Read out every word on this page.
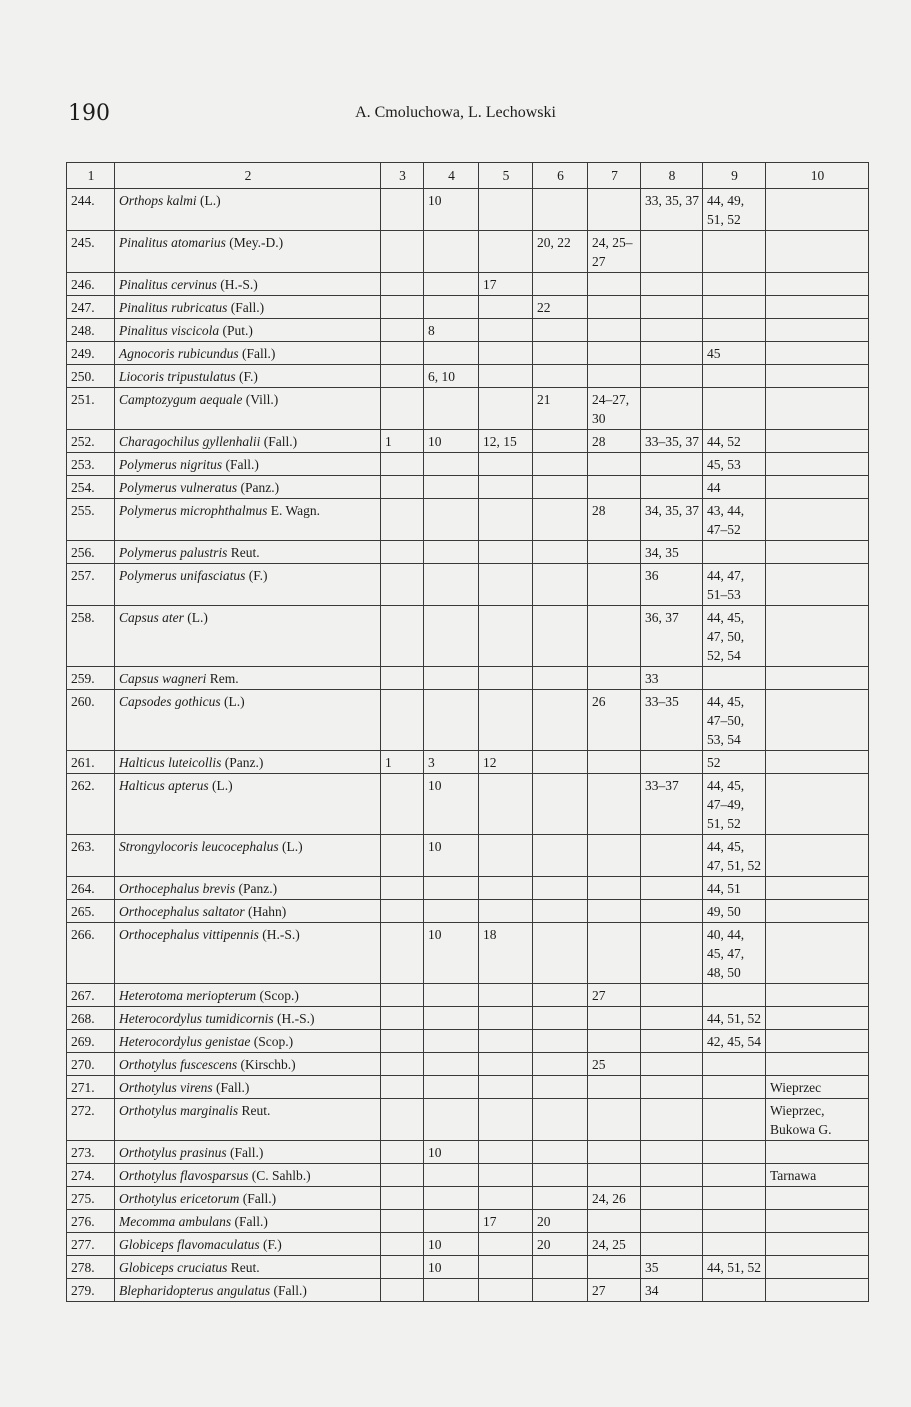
190	A. Cmoluchowa, L. Lechowski
1	2	3	4	5	6	7	8	9	10
244.	Orthops kalmi (L.)		10				33, 35, 37	44, 49, 51, 52	
245.	Pinalitus atomarius (Mey.-D.)				20, 22	24, 25–27			
246.	Pinalitus cervinus (H.-S.)			17					
247.	Pinalitus rubricatus (Fall.)				22				
248.	Pinalitus viscicola (Put.)		8						
249.	Agnocoris rubicundus (Fall.)							45	
250.	Liocoris tripustulatus (F.)		6, 10						
251.	Camptozygum aequale (Vill.)				21	24–27, 30			
252.	Charagochilus gyllenhalii (Fall.)	1	10	12, 15		28	33–35, 37	44, 52	
253.	Polymerus nigritus (Fall.)							45, 53	
254.	Polymerus vulneratus (Panz.)							44	
255.	Polymerus microphthalmus E. Wagn.					28	34, 35, 37	43, 44, 47–52	
256.	Polymerus palustris Reut.						34, 35		
257.	Polymerus unifasciatus (F.)						36	44, 47, 51–53	
258.	Capsus ater (L.)						36, 37	44, 45, 47, 50, 52, 54	
259.	Capsus wagneri Rem.						33		
260.	Capsodes gothicus (L.)					26	33–35	44, 45, 47–50, 53, 54	
261.	Halticus luteicollis (Panz.)	1	3	12				52	
262.	Halticus apterus (L.)		10				33–37	44, 45, 47–49, 51, 52	
263.	Strongylocoris leucocephalus (L.)		10					44, 45, 47, 51, 52	
264.	Orthocephalus brevis (Panz.)							44, 51	
265.	Orthocephalus saltator (Hahn)							49, 50	
266.	Orthocephalus vittipennis (H.-S.)		10	18				40, 44, 45, 47, 48, 50	
267.	Heterotoma meriopterum (Scop.)					27			
268.	Heterocordylus tumidicornis (H.-S.)							44, 51, 52	
269.	Heterocordylus genistae (Scop.)							42, 45, 54	
270.	Orthotylus fuscescens (Kirschb.)					25			
271.	Orthotylus virens (Fall.)								Wieprzec
272.	Orthotylus marginalis Reut.								Wieprzec, Bukowa G.
273.	Orthotylus prasinus (Fall.)		10						
274.	Orthotylus flavosparsus (C. Sahlb.)								Tarnawa
275.	Orthotylus ericetorum (Fall.)					24, 26			
276.	Mecomma ambulans (Fall.)			17	20				
277.	Globiceps flavomaculatus (F.)		10		20	24, 25			
278.	Globiceps cruciatus Reut.		10				35	44, 51, 52	
279.	Blepharidopterus angulatus (Fall.)					27	34		
